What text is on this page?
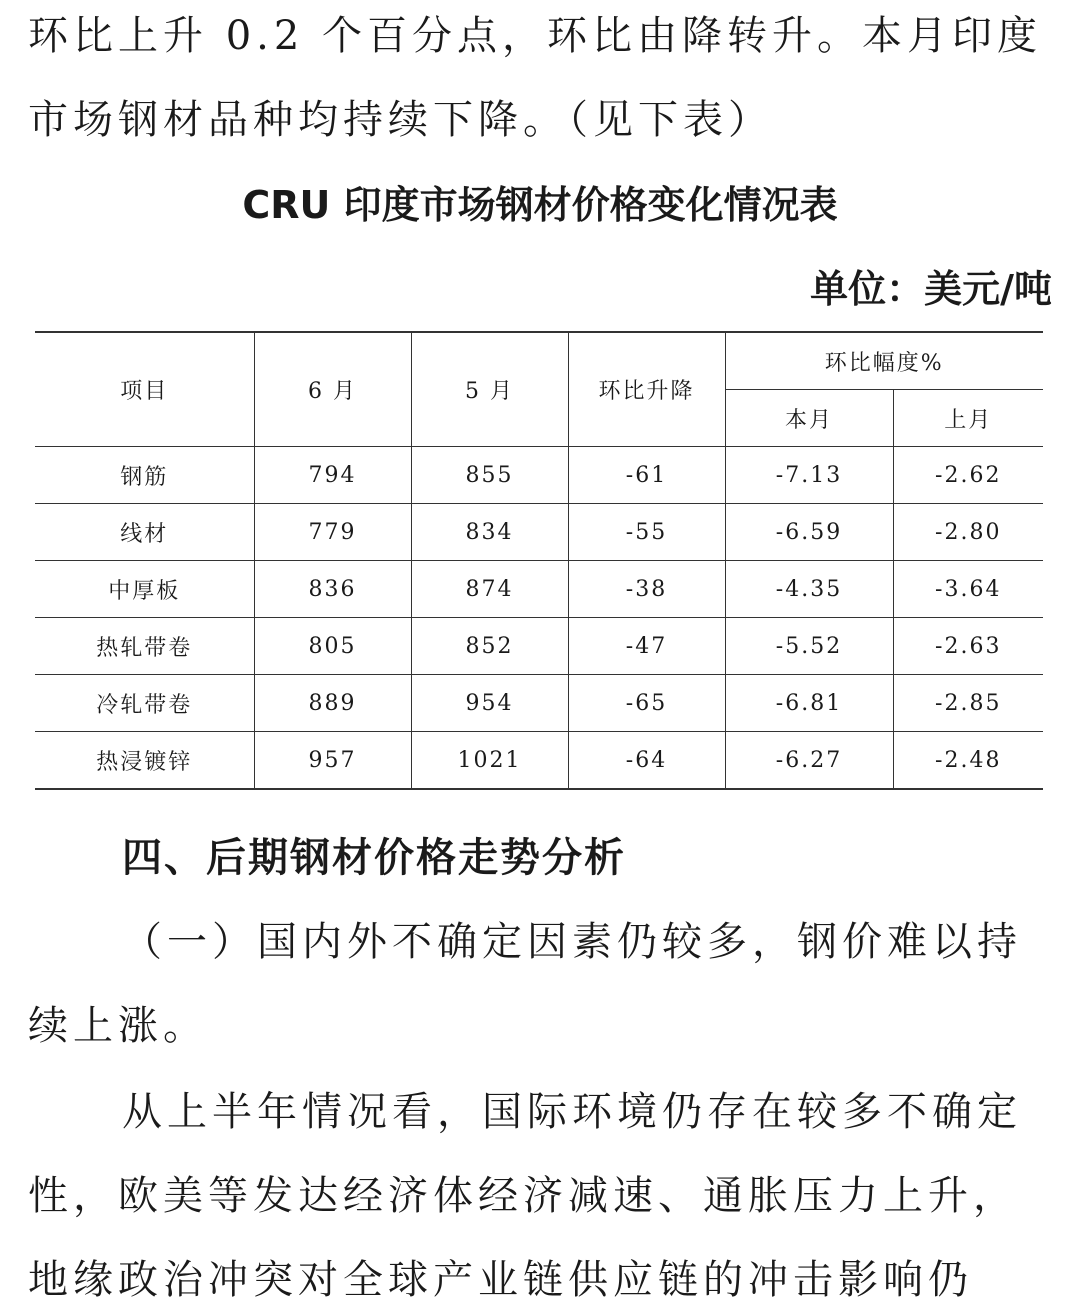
环比上升 0.2 个百分点，环比由降转升。本月印度
市场钢材品种均持续下降。（见下表）
CRU 印度市场钢材价格变化情况表
单位：美元/吨
项目	6 月	5 月	环比升降	环比幅度%	
				本月	上月
钢筋	794	855	-61	-7.13	-2.62
线材	779	834	-55	-6.59	-2.80
中厚板	836	874	-38	-4.35	-3.64
热轧带卷	805	852	-47	-5.52	-2.63
冷轧带卷	889	954	-65	-6.81	-2.85
热浸镀锌	957	1021	-64	-6.27	-2.48
四、后期钢材价格走势分析
（一）国内外不确定因素仍较多，钢价难以持
续上涨。
从上半年情况看，国际环境仍存在较多不确定
性，欧美等发达经济体经济减速、通胀压力上升，
地缘政治冲突对全球产业链供应链的冲击影响仍
